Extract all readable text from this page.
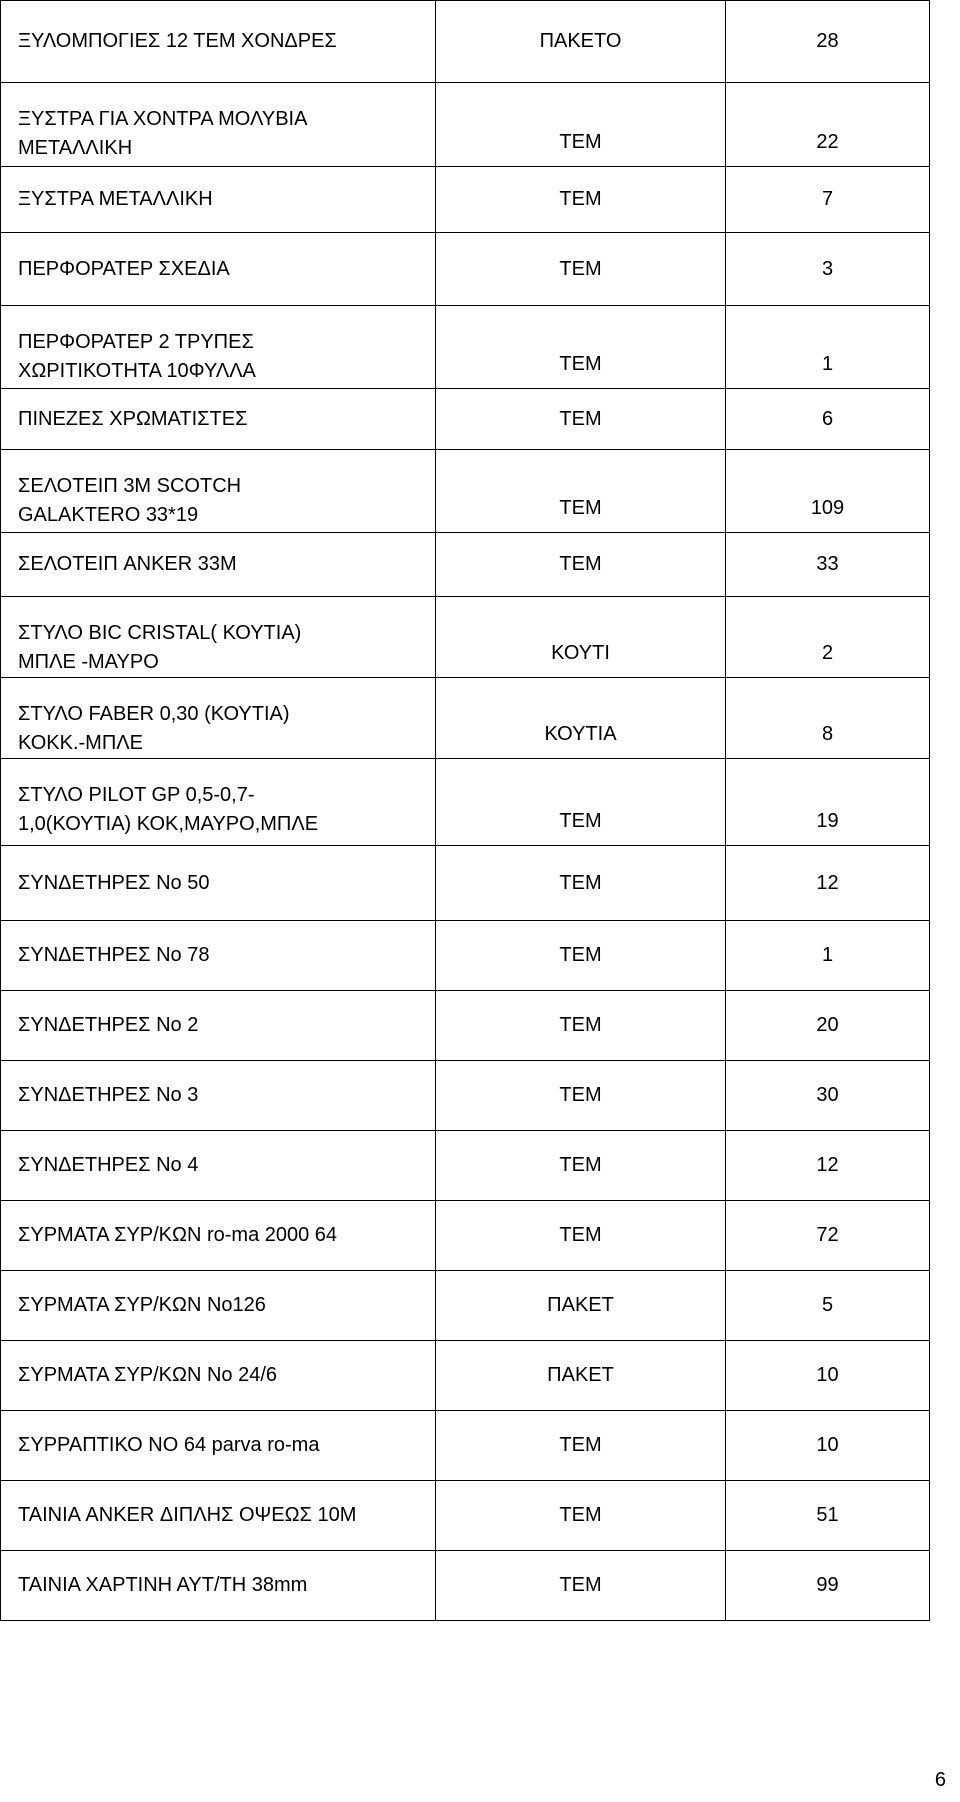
ΞΥΛΟΜΠΟΓΙΕΣ 12 ΤΕΜ ΧΟΝΔΡΕΣ	ΠΑΚΕΤΟ	28

ΞΥΣΤΡΑ ΓΙΑ ΧΟΝΤΡΑ ΜΟΛΥΒΙΑ
ΜΕΤΑΛΛΙΚΗ	ΤΕΜ	22

ΞΥΣΤΡΑ ΜΕΤΑΛΛΙΚΗ	ΤΕΜ	7

ΠΕΡΦΟΡΑΤΕΡ ΣΧΕΔΙΑ	ΤΕΜ	3

ΠΕΡΦΟΡΑΤΕΡ 2 ΤΡΥΠΕΣ
ΧΩΡΙΤΙΚΟΤΗΤΑ 10ΦΥΛΛΑ	ΤΕΜ	1

ΠΙΝΕΖΕΣ ΧΡΩΜΑΤΙΣΤΕΣ	ΤΕΜ	6

ΣΕΛΟΤΕΙΠ 3Μ SCOTCH
GALAKTERO 33*19	ΤΕΜ	109

ΣΕΛΟΤΕΙΠ ANKER 33M	ΤΕΜ	33

ΣΤΥΛΟ BIC CRISTAL( ΚΟΥΤΙΑ)
ΜΠΛΕ -ΜΑΥΡΟ	ΚΟΥΤΙ	2

ΣΤΥΛΟ FABER 0,30 (ΚΟΥΤΙΑ)
ΚΟΚΚ.-ΜΠΛΕ	ΚΟΥΤΙΑ	8

ΣΤΥΛΟ PILOT GP 0,5-0,7-
1,0(ΚΟΥΤΙΑ) ΚΟΚ,ΜΑΥΡΟ,ΜΠΛΕ	ΤΕΜ	19

ΣΥΝΔΕΤΗΡΕΣ Νο 50	ΤΕΜ	12

ΣΥΝΔΕΤΗΡΕΣ Νο 78	ΤΕΜ	1

ΣΥΝΔΕΤΗΡΕΣ Νο 2	ΤΕΜ	20

ΣΥΝΔΕΤΗΡΕΣ Νο 3	ΤΕΜ	30

ΣΥΝΔΕΤΗΡΕΣ Νο 4	ΤΕΜ	12

ΣΥΡΜΑΤΑ ΣΥΡ/ΚΩΝ ro-ma 2000 64	ΤΕΜ	72

ΣΥΡΜΑΤΑ ΣΥΡ/ΚΩΝ Νο126	ΠΑΚΕΤ	5

ΣΥΡΜΑΤΑ ΣΥΡ/ΚΩΝ Νο 24/6	ΠΑΚΕΤ	10

ΣΥΡΡΑΠΤΙΚΟ ΝΟ 64 parva ro-ma	ΤΕΜ	10

ΤΑΙΝΙΑ ANKER ΔΙΠΛΗΣ ΟΨΕΩΣ 10Μ	ΤΕΜ	51

ΤΑΙΝΙΑ ΧΑΡΤΙΝΗ ΑΥΤ/ΤΗ 38mm	ΤΕΜ	99
6
